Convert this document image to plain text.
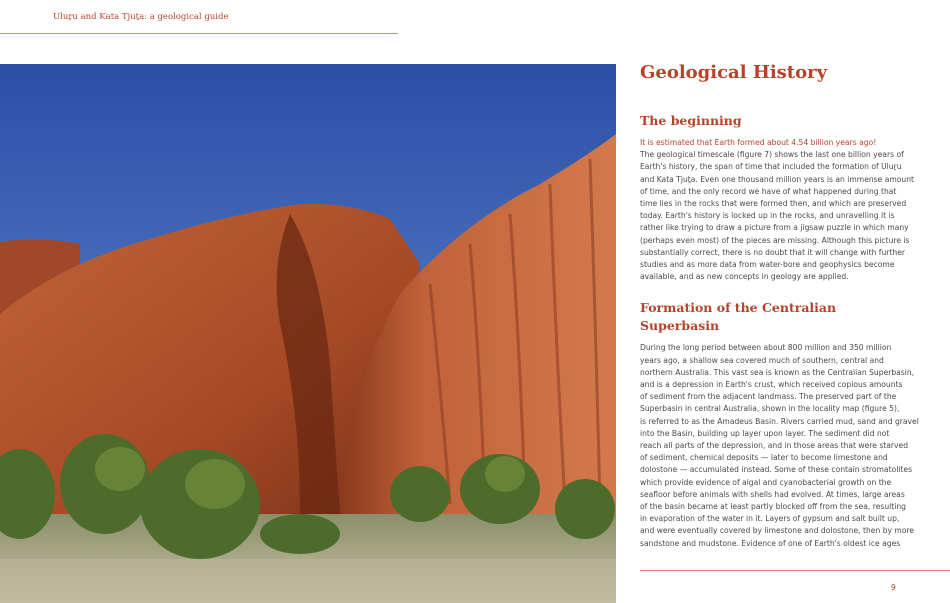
Uluṟu and Kata Tjuṯa: a geological guide
Geological History
The beginning

It is estimated that Earth formed about 4.54 billion years ago!

The geological timescale (figure 7) shows the last one billion years of
Earth's history, the span of time that included the formation of Uluṟu
and Kata Tjuṯa. Even one thousand million years is an immense amount
of time, and the only record we have of what happened during that
time lies in the rocks that were formed then, and which are preserved
today. Earth's history is locked up in the rocks, and unravelling it is
rather like trying to draw a picture from a jigsaw puzzle in which many
(perhaps even most) of the pieces are missing. Although this picture is
substantially correct, there is no doubt that it will change with further
studies and as more data from water-bore and geophysics become
available, and as new concepts in geology are applied.

Formation of the Centralian Superbasin

During the long period between about 800 million and 350 million
years ago, a shallow sea covered much of southern, central and
northern Australia. This vast sea is known as the Centralian Superbasin,
and is a depression in Earth's crust, which received copious amounts
of sediment from the adjacent landmass. The preserved part of the
Superbasin in central Australia, shown in the locality map (figure 5),
is referred to as the Amadeus Basin. Rivers carried mud, sand and gravel
into the Basin, building up layer upon layer. The sediment did not
reach all parts of the depression, and in those areas that were starved
of sediment, chemical deposits — later to become limestone and
dolostone — accumulated instead. Some of these contain stromatolites
which provide evidence of algal and cyanobacterial growth on the
seafloor before animals with shells had evolved. At times, large areas
of the basin became at least partly blocked off from the sea, resulting
in evaporation of the water in it. Layers of gypsum and salt built up,
and were eventually covered by limestone and dolostone, then by more
sandstone and mudstone. Evidence of one of Earth's oldest ice ages

9
